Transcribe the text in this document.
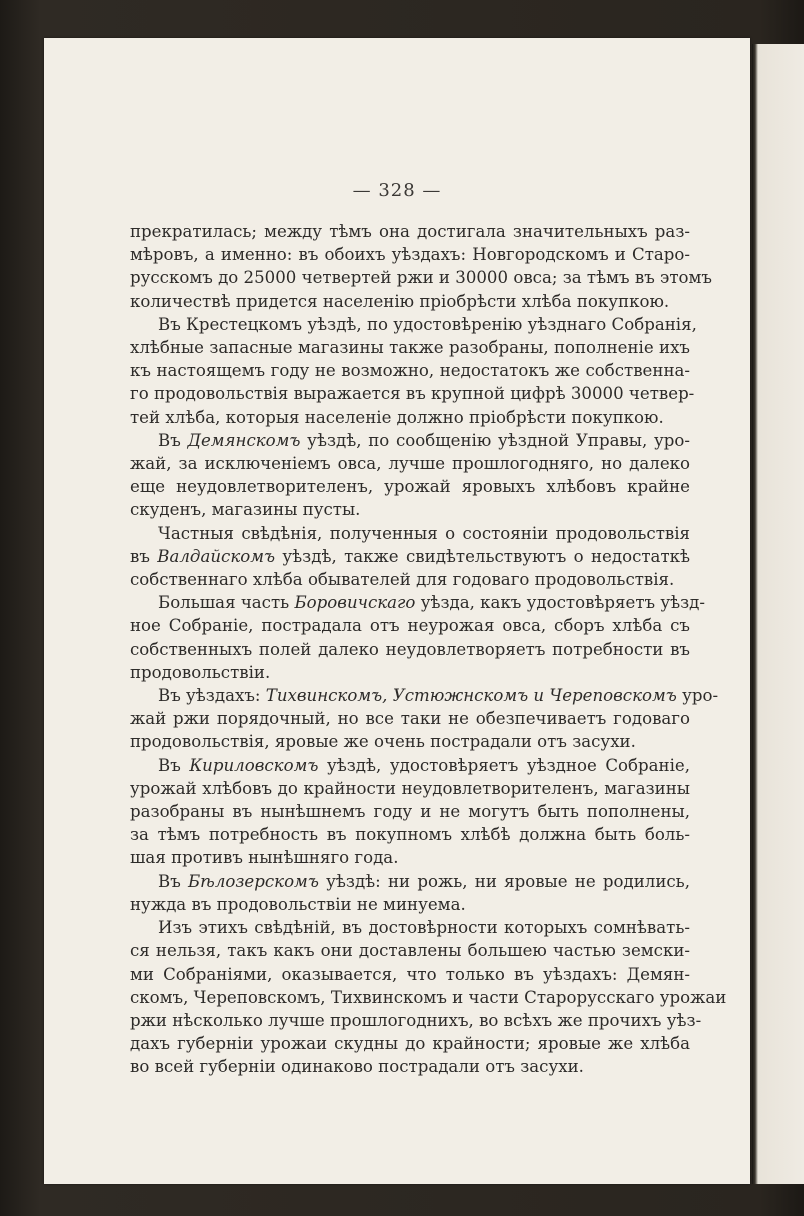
— 328 —
прекратилась; между тѣмъ она достигала значительныхъ раз-
мѣровъ, а именно: въ обоихъ уѣздахъ: Новгородскомъ и Старо-
русскомъ до 25000 четвертей ржи и 30000 овса; за тѣмъ въ этомъ
количествѣ придется населенію пріобрѣсти хлѣба покупкою.
Въ Крестецкомъ уѣздѣ, по удостовѣренію уѣзднаго Собранія,
хлѣбные запасные магазины также разобраны, пополненіе ихъ
къ настоящемъ году не возможно, недостатокъ же собственна-
го продовольствія выражается въ крупной цифрѣ 30000 четвер-
тей хлѣба, которыя населеніе должно пріобрѣсти покупкою.
Въ Демянскомъ уѣздѣ, по сообщенію уѣздной Управы, уро-
жай, за исключеніемъ овса, лучше прошлогодняго, но далеко
еще неудовлетворителенъ, урожай яровыхъ хлѣбовъ крайне
скуденъ, магазины пусты.
Частныя свѣдѣнія, полученныя о состояніи продовольствія
въ Валдайскомъ уѣздѣ, также свидѣтельствуютъ о недостаткѣ
собственнаго хлѣба обывателей для годоваго продовольствія.
Большая часть Боровичскаго уѣзда, какъ удостовѣряетъ уѣзд-
ное Собраніе, пострадала отъ неурожая овса, сборъ хлѣба съ
собственныхъ полей далеко неудовлетворяетъ потребности въ
продовольствіи.
Въ уѣздахъ: Тихвинскомъ, Устюжнскомъ и Череповскомъ уро-
жай ржи порядочный, но все таки не обезпечиваетъ годоваго
продовольствія, яровые же очень пострадали отъ засухи.
Въ Кириловскомъ уѣздѣ, удостовѣряетъ уѣздное Собраніе,
урожай хлѣбовъ до крайности неудовлетворителенъ, магазины
разобраны въ нынѣшнемъ году и не могутъ быть пополнены,
за тѣмъ потребность въ покупномъ хлѣбѣ должна быть боль-
шая противъ нынѣшняго года.
Въ Бѣлозерскомъ уѣздѣ: ни рожь, ни яровые не родились,
нужда въ продовольствіи не минуема.
Изъ этихъ свѣдѣній, въ достовѣрности которыхъ сомнѣвать-
ся нельзя, такъ какъ они доставлены большею частью земски-
ми Собраніями, оказывается, что только въ уѣздахъ: Демян-
скомъ, Череповскомъ, Тихвинскомъ и части Старорусскаго урожаи
ржи нѣсколько лучше прошлогоднихъ, во всѣхъ же прочихъ уѣз-
дахъ губерніи урожаи скудны до крайности; яровые же хлѣба
во всей губерніи одинаково пострадали отъ засухи.
